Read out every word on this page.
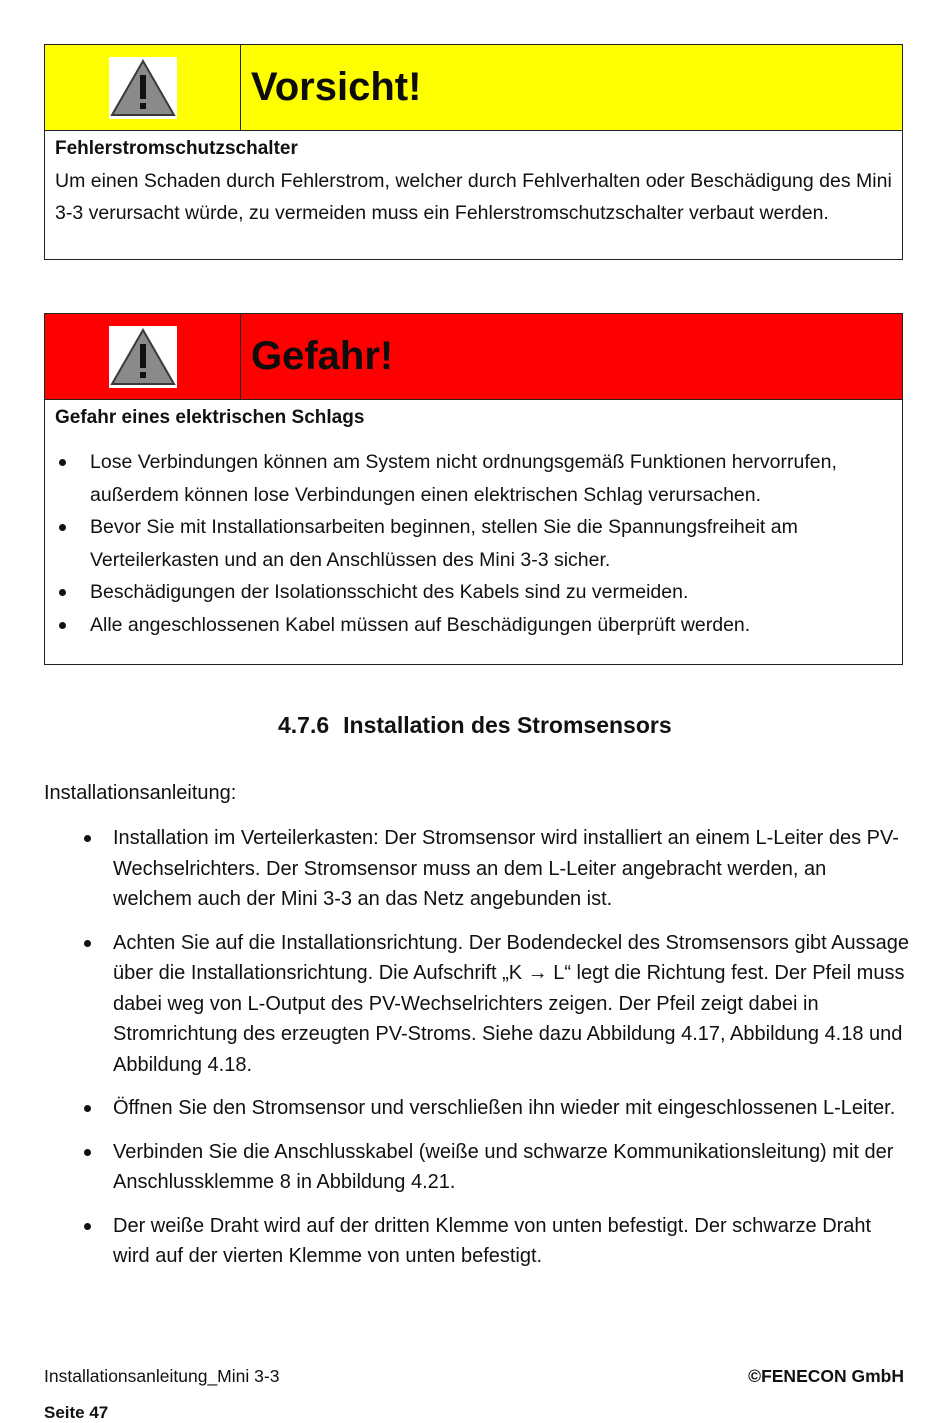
Vorsicht!
Fehlerstromschutzschalter
Um einen Schaden durch Fehlerstrom, welcher durch Fehlverhalten oder Beschädigung des Mini 3-3 verursacht würde, zu vermeiden muss ein Fehlerstromschutzschalter verbaut werden.
Gefahr!
Gefahr eines elektrischen Schlags
Lose Verbindungen können am System nicht ordnungsgemäß Funktionen hervorrufen, außerdem können lose Verbindungen einen elektrischen Schlag verursachen.
Bevor Sie mit Installationsarbeiten beginnen, stellen Sie die Spannungsfreiheit am Verteilerkasten und an den Anschlüssen des Mini 3-3 sicher.
Beschädigungen der Isolationsschicht des Kabels sind zu vermeiden.
Alle angeschlossenen Kabel müssen auf Beschädigungen überprüft werden.
4.7.6 Installation des Stromsensors
Installationsanleitung:
Installation im Verteilerkasten: Der Stromsensor wird installiert an einem L-Leiter des PV-Wechselrichters. Der Stromsensor muss an dem L-Leiter angebracht werden, an welchem auch der Mini 3-3 an das Netz angebunden ist.
Achten Sie auf die Installationsrichtung. Der Bodendeckel des Stromsensors gibt Aussage über die Installationsrichtung. Die Aufschrift „K → L“ legt die Richtung fest. Der Pfeil muss dabei weg von L-Output des PV-Wechselrichters zeigen. Der Pfeil zeigt dabei in Stromrichtung des erzeugten PV-Stroms. Siehe dazu Abbildung 4.17, Abbildung 4.18 und Abbildung 4.18.
Öffnen Sie den Stromsensor und verschließen ihn wieder mit eingeschlossenen L-Leiter.
Verbinden Sie die Anschlusskabel (weiße und schwarze Kommunikationsleitung) mit der Anschlussklemme 8 in Abbildung 4.21.
Der weiße Draht wird auf der dritten Klemme von unten befestigt. Der schwarze Draht wird auf der vierten Klemme von unten befestigt.
Installationsanleitung_Mini 3-3	©FENECON GmbH
Seite 47
